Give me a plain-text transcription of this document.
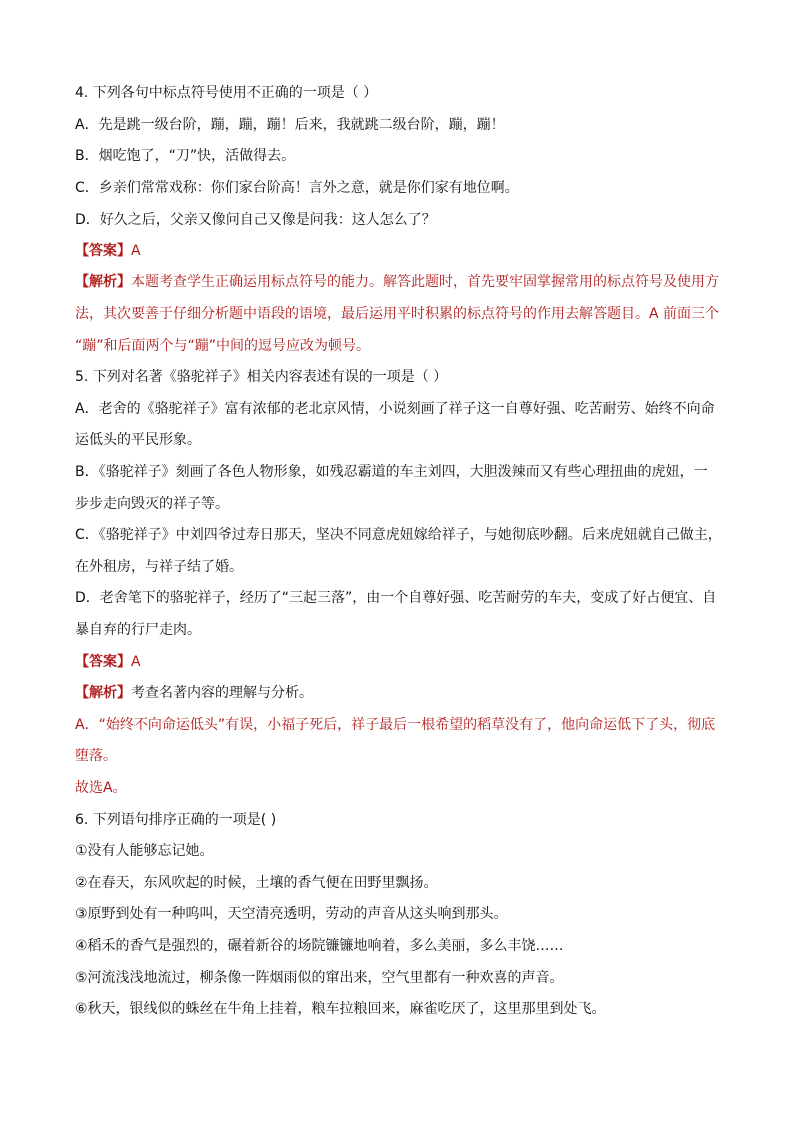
4. 下列各句中标点符号使用不正确的一项是（ ）
A．先是跳一级台阶，蹦，蹦，蹦！后来，我就跳二级台阶，蹦，蹦！
B．烟吃饱了，“刀”快，活做得去。
C．乡亲们常常戏称：你们家台阶高！言外之意，就是你们家有地位啊。
D．好久之后，父亲又像问自己又像是问我：这人怎么了？
【答案】A
【解析】本题考查学生正确运用标点符号的能力。解答此题时，首先要牢固掌握常用的标点符号及使用方
法，其次要善于仔细分析题中语段的语境，最后运用平时积累的标点符号的作用去解答题目。A 前面三个
“蹦”和后面两个与“蹦”中间的逗号应改为顿号。
5. 下列对名著《骆驼祥子》相关内容表述有误的一项是（ ）
A．老舍的《骆驼祥子》富有浓郁的老北京风情，小说刻画了祥子这一自尊好强、吃苦耐劳、始终不向命
运低头的平民形象。
B．《骆驼祥子》刻画了各色人物形象，如残忍霸道的车主刘四，大胆泼辣而又有些心理扭曲的虎妞，一
步步走向毁灭的祥子等。
C．《骆驼祥子》中刘四爷过寿日那天，坚决不同意虎妞嫁给祥子，与她彻底吵翻。后来虎妞就自己做主，
在外租房，与祥子结了婚。
D．老舍笔下的骆驼祥子，经历了“三起三落”，由一个自尊好强、吃苦耐劳的车夫，变成了好占便宜、自
暴自弃的行尸走肉。
【答案】A
【解析】考查名著内容的理解与分析。
A．“始终不向命运低头”有误，小福子死后，祥子最后一根希望的稻草没有了，他向命运低下了头，彻底
堕落。
故选A。
6. 下列语句排序正确的一项是( )
①没有人能够忘记她。
②在春天，东风吹起的时候，土壤的香气便在田野里飘扬。
③原野到处有一种呜叫，天空清亮透明，劳动的声音从这头响到那头。
④稻禾的香气是强烈的，碾着新谷的场院镰镰地响着，多么美丽，多么丰饶……
⑤河流浅浅地流过，柳条像一阵烟雨似的窜出来，空气里都有一种欢喜的声音。
⑥秋天，银线似的蛛丝在牛角上挂着，粮车拉粮回来，麻雀吃厌了，这里那里到处飞。
